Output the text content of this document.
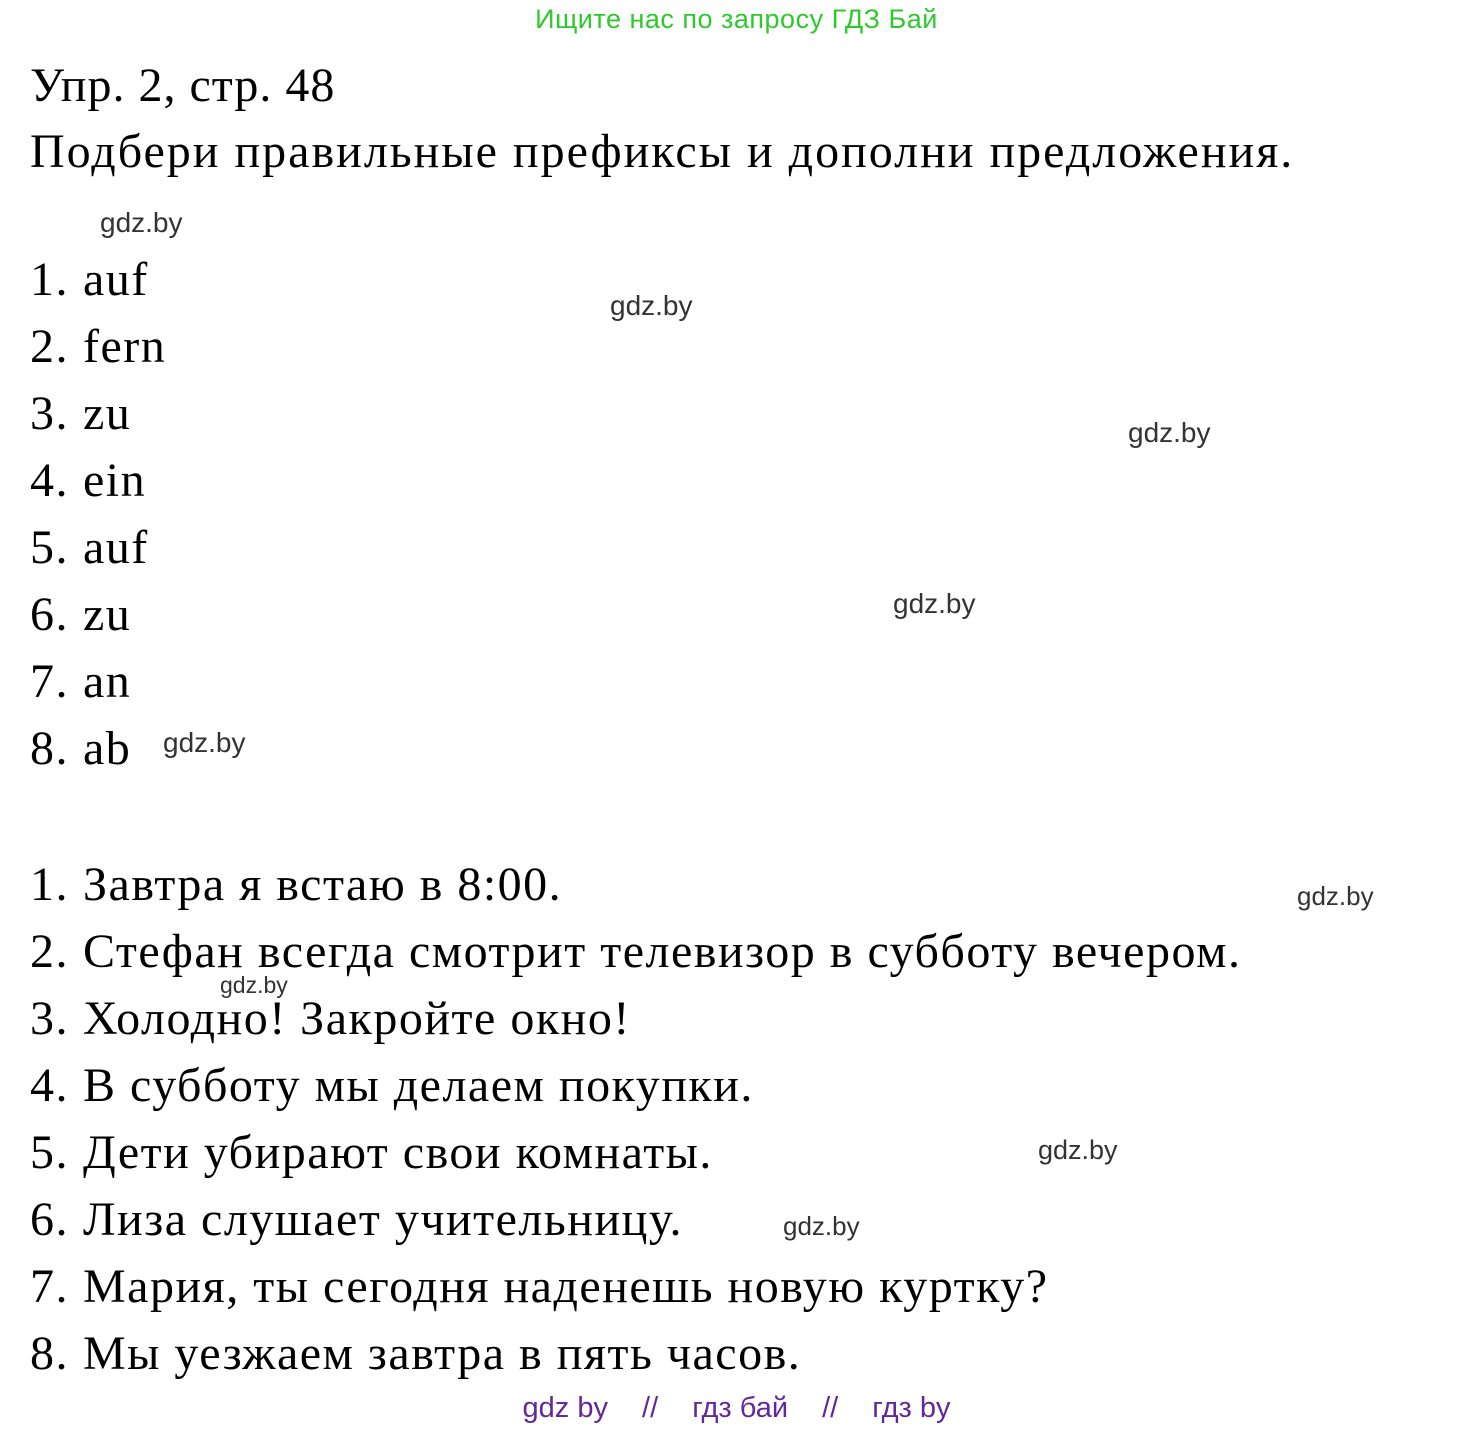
Ищите нас по запросу ГДЗ Бай
Упр. 2, стр. 48
Подбери правильные префиксы и дополни предложения.
1. auf
2. fern
3. zu
4. ein
5. auf
6. zu
7. an
8. ab
1. Завтра я встаю в 8:00.
2. Стефан всегда смотрит телевизор в субботу вечером.
3. Холодно! Закройте окно!
4. В субботу мы делаем покупки.
5. Дети убирают свои комнаты.
6. Лиза слушает учительницу.
7. Мария, ты сегодня наденешь новую куртку?
8. Мы уезжаем завтра в пять часов.
gdz.by
gdz.by
gdz.by
gdz.by
gdz.by
gdz.by
gdz.by
gdz.by
gdz.by
gdz by // гдз бай // гдз by
